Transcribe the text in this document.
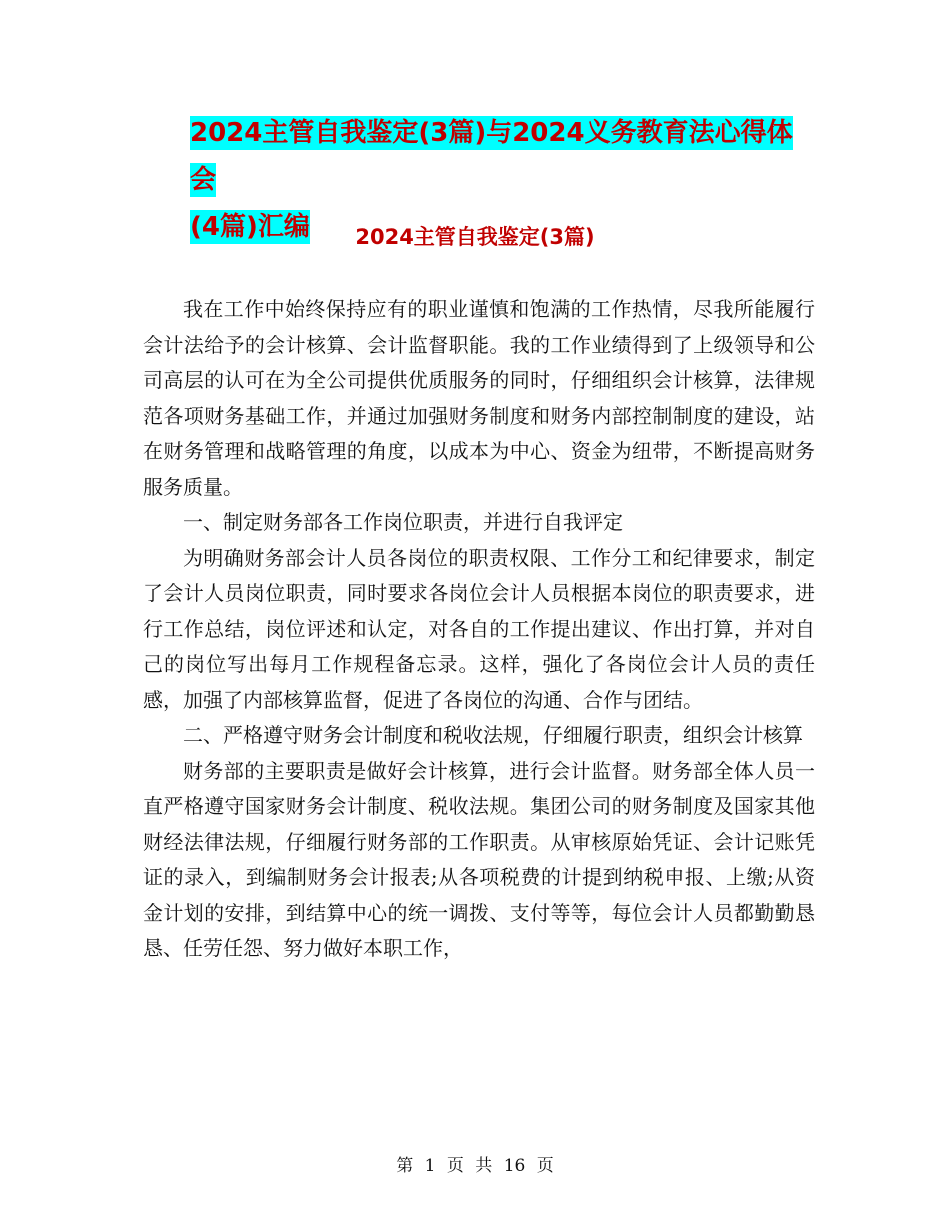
2024主管自我鉴定(3篇)与2024义务教育法心得体会
(4篇)汇编	2024主管自我鉴定(3篇)

我在工作中始终保持应有的职业谨慎和饱满的工作热情，尽我所能履行会计法给予的会计核算、会计监督职能。我的工作业绩得到了上级领导和公司高层的认可在为全公司提供优质服务的同时，仔细组织会计核算，法律规范各项财务基础工作，并通过加强财务制度和财务内部控制制度的建设，站在财务管理和战略管理的角度，以成本为中心、资金为纽带，不断提高财务服务质量。

一、制定财务部各工作岗位职责，并进行自我评定

为明确财务部会计人员各岗位的职责权限、工作分工和纪律要求，制定了会计人员岗位职责，同时要求各岗位会计人员根据本岗位的职责要求，进行工作总结，岗位评述和认定，对各自的工作提出建议、作出打算，并对自己的岗位写出每月工作规程备忘录。这样，强化了各岗位会计人员的责任感，加强了内部核算监督，促进了各岗位的沟通、合作与团结。

二、严格遵守财务会计制度和税收法规，仔细履行职责，组织会计核算

财务部的主要职责是做好会计核算，进行会计监督。财务部全体人员一直严格遵守国家财务会计制度、税收法规。集团公司的财务制度及国家其他财经法律法规，仔细履行财务部的工作职责。从审核原始凭证、会计记账凭证的录入，到编制财务会计报表;从各项税费的计提到纳税申报、上缴;从资金计划的安排，到结算中心的统一调拨、支付等等，每位会计人员都勤勤恳恳、任劳任怨、努力做好本职工作，

第 1 页 共 16 页
